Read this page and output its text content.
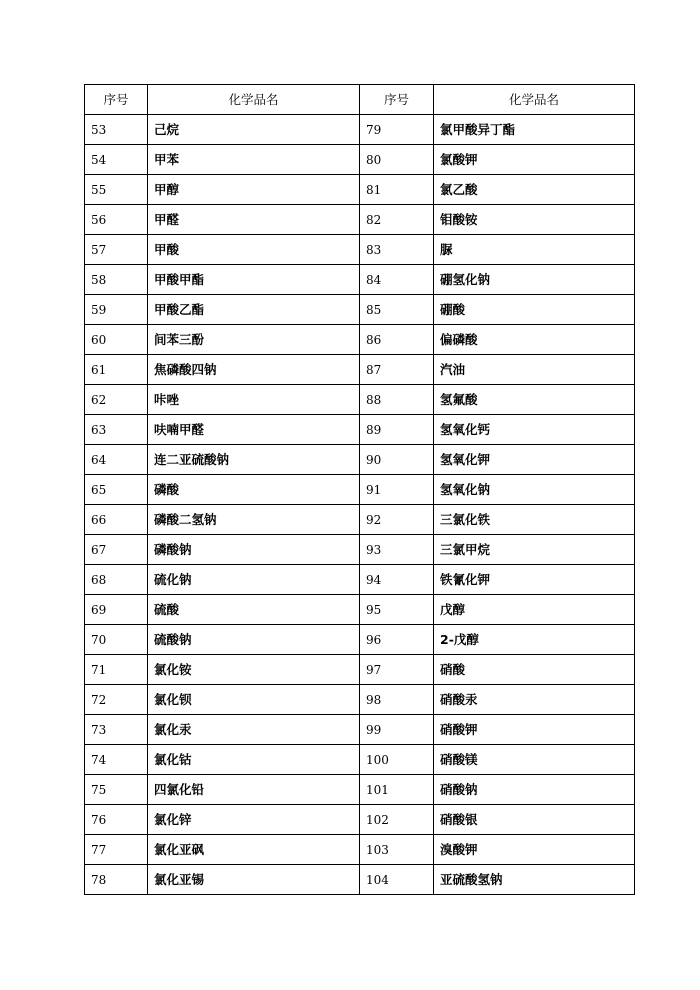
序号	化学品名	序号	化学品名
53	己烷	79	氯甲酸异丁酯
54	甲苯	80	氯酸钾
55	甲醇	81	氯乙酸
56	甲醛	82	钼酸铵
57	甲酸	83	脲
58	甲酸甲酯	84	硼氢化钠
59	甲酸乙酯	85	硼酸
60	间苯三酚	86	偏磷酸
61	焦磷酸四钠	87	汽油
62	咔唑	88	氢氟酸
63	呋喃甲醛	89	氢氧化钙
64	连二亚硫酸钠	90	氢氧化钾
65	磷酸	91	氢氧化钠
66	磷酸二氢钠	92	三氯化铁
67	磷酸钠	93	三氯甲烷
68	硫化钠	94	铁氰化钾
69	硫酸	95	戊醇
70	硫酸钠	96	2-戊醇
71	氯化铵	97	硝酸
72	氯化钡	98	硝酸汞
73	氯化汞	99	硝酸钾
74	氯化钴	100	硝酸镁
75	四氯化铅	101	硝酸钠
76	氯化锌	102	硝酸银
77	氯化亚砜	103	溴酸钾
78	氯化亚锡	104	亚硫酸氢钠
